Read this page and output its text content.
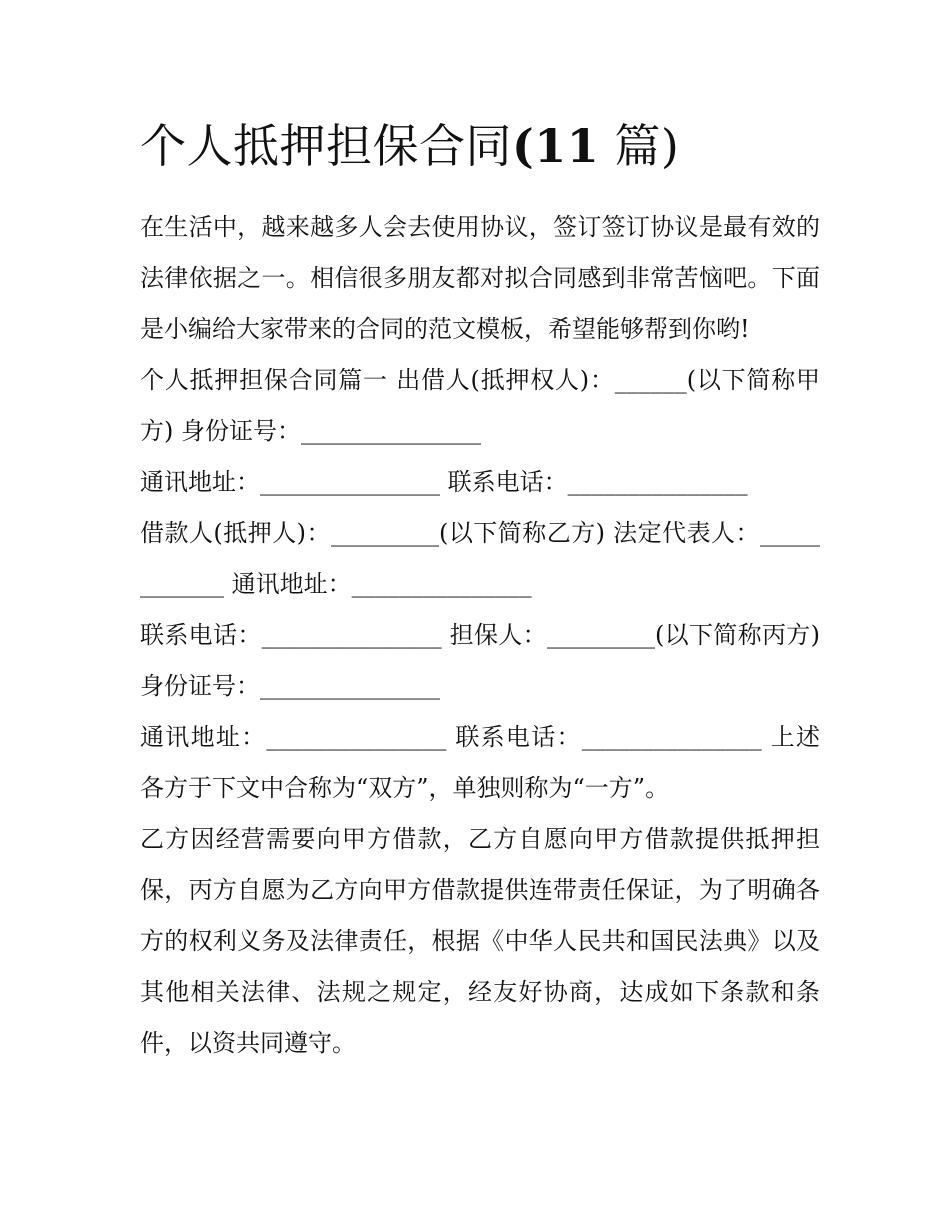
个人抵押担保合同(11 篇)

在生活中，越来越多人会去使用协议，签订签订协议是最有效的法律依据之一。相信很多朋友都对拟合同感到非常苦恼吧。下面是小编给大家带来的合同的范文模板，希望能够帮到你哟!

个人抵押担保合同篇一 出借人(抵押权人)：______(以下简称甲方) 身份证号：_______________

通讯地址：_______________ 联系电话：_______________

借款人(抵押人)：_________(以下简称乙方) 法定代表人：____________ 通讯地址：_______________

联系电话：_______________ 担保人：_________(以下简称丙方) 身份证号：_______________

通讯地址：_______________ 联系电话：_______________ 上述各方于下文中合称为“双方”，单独则称为“一方”。

乙方因经营需要向甲方借款，乙方自愿向甲方借款提供抵押担保，丙方自愿为乙方向甲方借款提供连带责任保证，为了明确各方的权利义务及法律责任，根据《中华人民共和国民法典》以及其他相关法律、法规之规定，经友好协商，达成如下条款和条件，以资共同遵守。
